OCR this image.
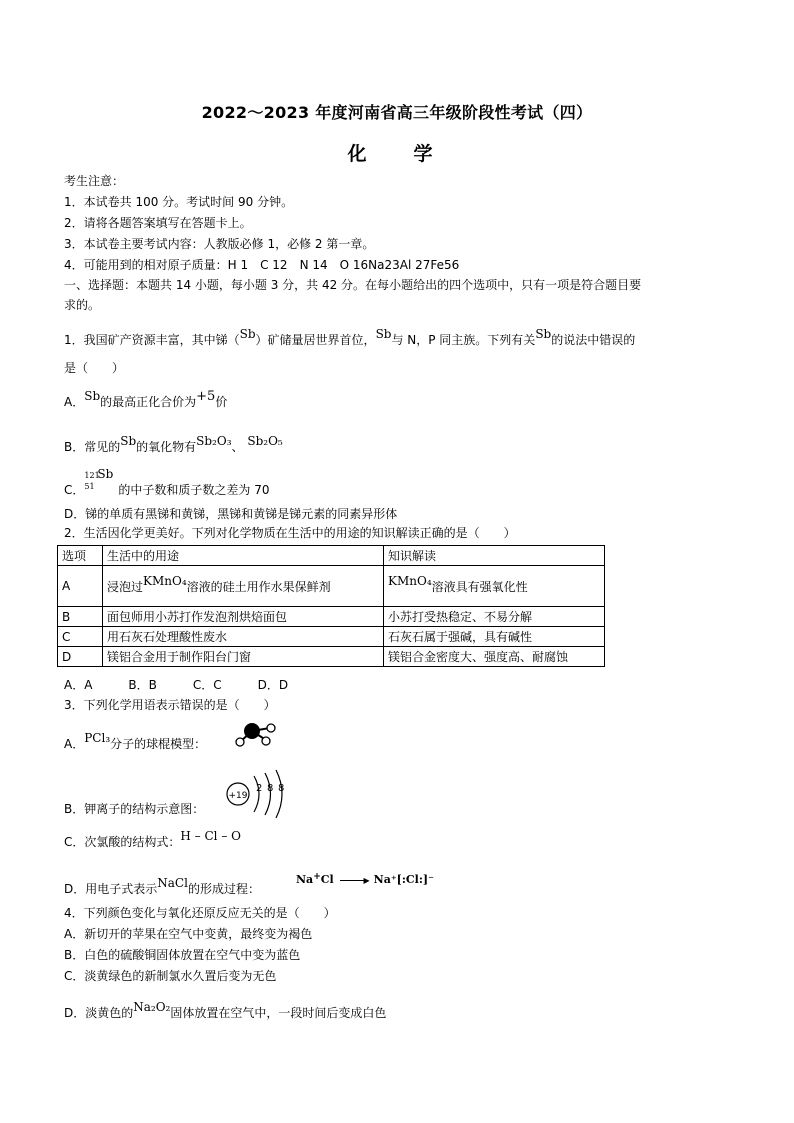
2022～2023 年度河南省高三年级阶段性考试（四）
化　学
考生注意：
1．本试卷共 100 分。考试时间 90 分钟。
2．请将各题答案填写在答题卡上。
3．本试卷主要考试内容：人教版必修 1，必修 2 第一章。
4．可能用到的相对原子质量：H 1　C 12　N 14　O 16Na23Al 27Fe56
一、选择题：本题共 14 小题，每小题 3 分，共 42 分。在每小题给出的四个选项中，只有一项是符合题目要
求的。
1．我国矿产资源丰富，其中锑（Sb）矿储量居世界首位，Sb与 N，P 同主族。下列有关Sb的说法中错误的
是（　　）
A．Sb的最高正化合价为+5价
B．常见的Sb的氧化物有Sb₂O₃、 Sb₂O₅
C．
121
51
Sb
的中子数和质子数之差为 70
D．锑的单质有黑锑和黄锑，黑锑和黄锑是锑元素的同素异形体
2．生活因化学更美好。下列对化学物质在生活中的用途的知识解读正确的是（　　）
选项	生活中的用途	知识解读
A	浸泡过KMnO₄溶液的硅土用作水果保鲜剂	KMnO₄溶液具有强氧化性
B	面包师用小苏打作发泡剂烘焙面包	小苏打受热稳定、不易分解
C	用石灰石处理酸性废水	石灰石属于强碱，具有碱性
D	镁铝合金用于制作阳台门窗	镁铝合金密度大、强度高、耐腐蚀
A．A　　　B．B　　　C．C　　　D．D
3．下列化学用语表示错误的是（　　）
A．PCl₃分子的球棍模型：
B．钾离子的结构示意图：
+19
2 8 8
C．次氯酸的结构式：H – Cl – O
D．用电子式表示NaCl的形成过程：
Na+Cl	▶ Na⁺[:Cl:]⁻
4．下列颜色变化与氧化还原反应无关的是（　　）
A．新切开的苹果在空气中变黄，最终变为褐色
B．白色的硫酸铜固体放置在空气中变为蓝色
C．淡黄绿色的新制氯水久置后变为无色
D．淡黄色的Na₂O₂固体放置在空气中，一段时间后变成白色
